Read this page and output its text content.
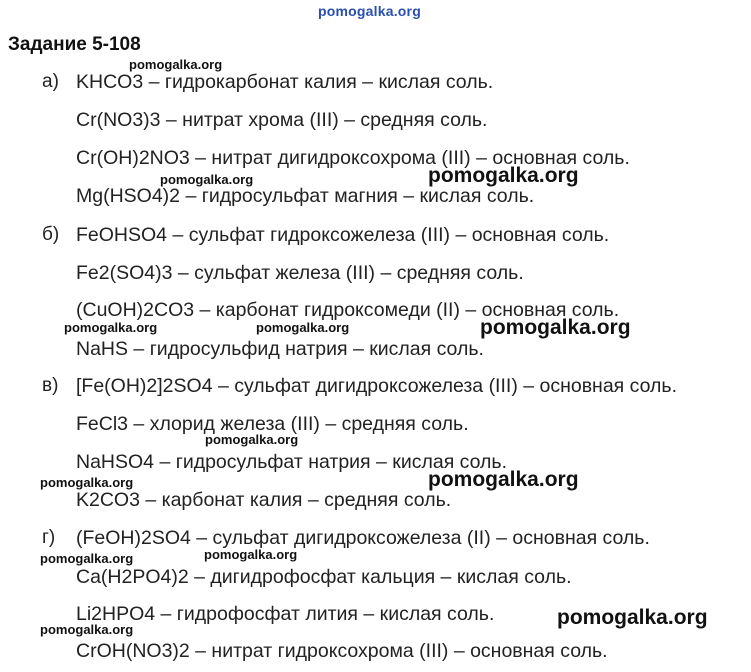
pomogalka.org
Задание 5-108
а) KHCO3 – гидрокарбонат калия – кислая соль.
Cr(NO3)3 – нитрат хрома (III) – средняя соль.
Cr(OH)2NO3 – нитрат дигидроксохрома (III) – основная соль.
Mg(HSO4)2 – гидросульфат магния – кислая соль.
б) FeOHSO4 – сульфат гидроксожелеза (III) – основная соль.
Fe2(SO4)3 – сульфат железа (III) – средняя соль.
(CuOH)2CO3 – карбонат гидроксомеди (II) – основная соль.
NaHS – гидросульфид натрия – кислая соль.
в) [Fe(OH)2]2SO4 – сульфат дигидроксожелеза (III) – основная соль.
FeCl3 – хлорид железа (III) – средняя соль.
NaHSO4 – гидросульфат натрия – кислая соль.
K2CO3 – карбонат калия – средняя соль.
г) (FeOH)2SO4 – сульфат дигидроксожелеза (II) – основная соль.
Ca(H2PO4)2 – дигидрофосфат кальция – кислая соль.
Li2HPO4 – гидрофосфат лития – кислая соль.
CrOH(NO3)2 – нитрат гидроксохрома (III) – основная соль.
pomogalka.org
pomogalka.org	pomogalka.org
pomogalka.org	pomogalka.org	pomogalka.org
pomogalka.org
pomogalka.org	pomogalka.org
pomogalka.org	pomogalka.org
pomogalka.org
pomogalka.org
